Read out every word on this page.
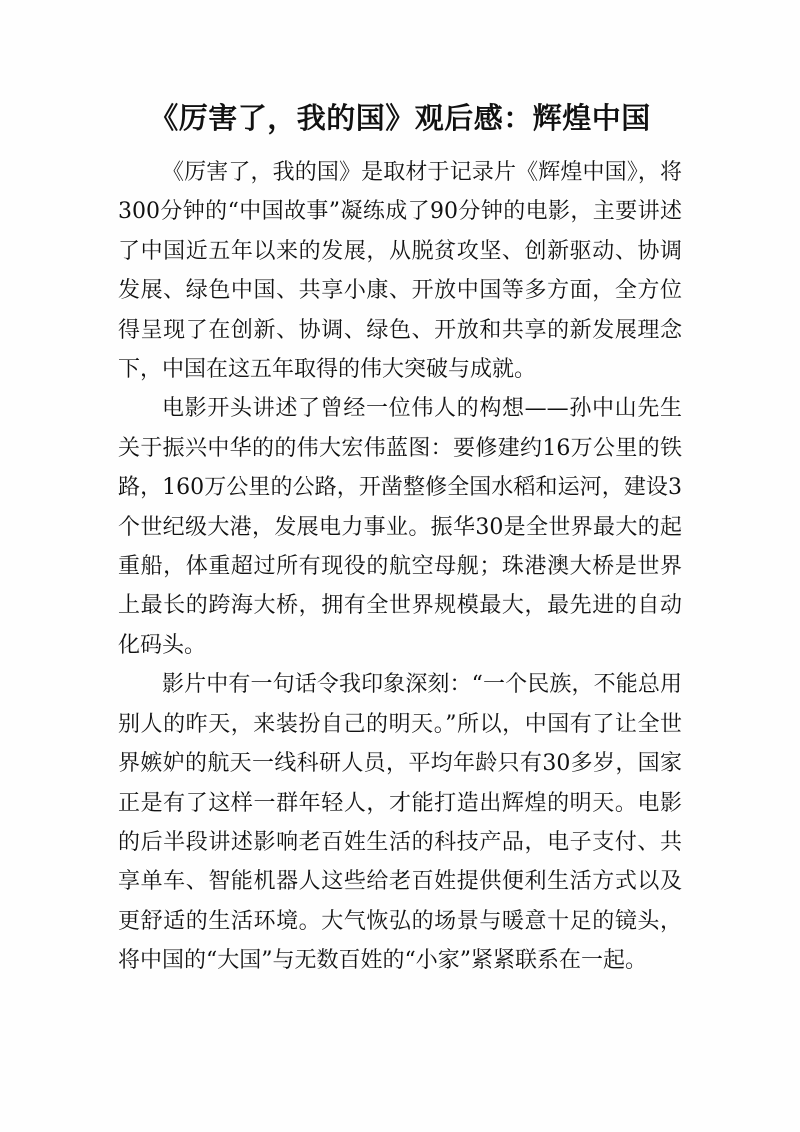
《厉害了，我的国》观后感：辉煌中国

《厉害了，我的国》是取材于记录片《辉煌中国》，将300分钟的“中国故事”凝练成了90分钟的电影，主要讲述了中国近五年以来的发展，从脱贫攻坚、创新驱动、协调发展、绿色中国、共享小康、开放中国等多方面，全方位得呈现了在创新、协调、绿色、开放和共享的新发展理念下，中国在这五年取得的伟大突破与成就。

电影开头讲述了曾经一位伟人的构想——孙中山先生关于振兴中华的的伟大宏伟蓝图：要修建约16万公里的铁路，160万公里的公路，开凿整修全国水稻和运河，建设3个世纪级大港，发展电力事业。振华30是全世界最大的起重船，体重超过所有现役的航空母舰；珠港澳大桥是世界上最长的跨海大桥，拥有全世界规模最大，最先进的自动化码头。

影片中有一句话令我印象深刻：“一个民族，不能总用别人的昨天，来装扮自己的明天。”所以，中国有了让全世界嫉妒的航天一线科研人员，平均年龄只有30多岁，国家正是有了这样一群年轻人，才能打造出辉煌的明天。电影的后半段讲述影响老百姓生活的科技产品，电子支付、共享单车、智能机器人这些给老百姓提供便利生活方式以及更舒适的生活环境。大气恢弘的场景与暖意十足的镜头，将中国的“大国”与无数百姓的“小家”紧紧联系在一起。
